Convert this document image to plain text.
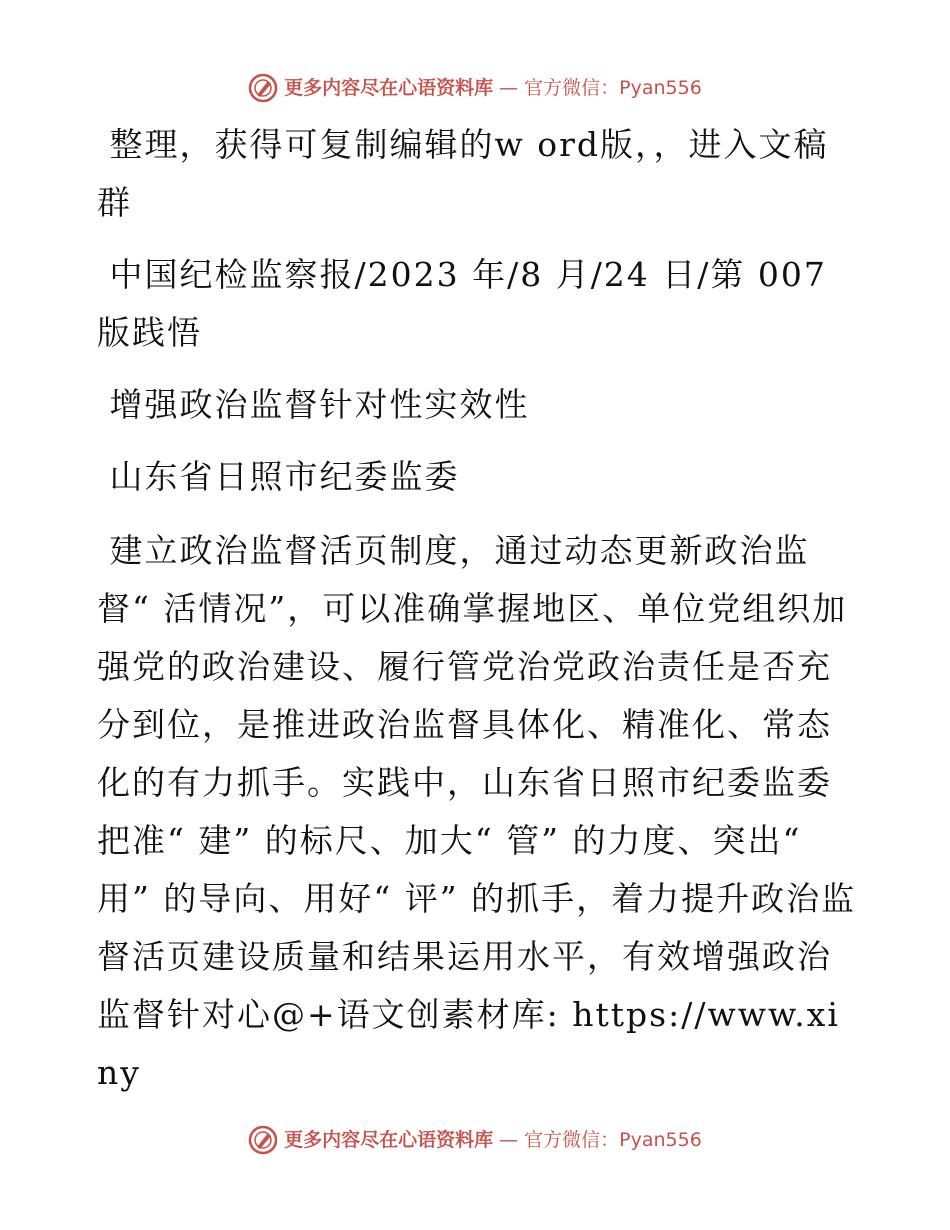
更多内容尽在心语资料库 — 官方微信：Pyan556

整理，获得可复制编辑的w ord版，，进入文稿群

中国纪检监察报/2023 年/8 月/24 日/第 007 版践悟

增强政治监督针对性实效性

山东省日照市纪委监委

建立政治监督活页制度，通过动态更新政治监督“ 活情况”，可以准确掌握地区、单位党组织加强党的政治建设、履行管党治党政治责任是否充分到位，是推进政治监督具体化、精准化、常态化的有力抓手。实践中，山东省日照市纪委监委把准“ 建” 的标尺、加大“ 管” 的力度、突出“ 用” 的导向、用好“ 评” 的抓手，着力提升政治监督活页建设质量和结果运用水平，有效增强政治监督针对心@+语文创素材库: https://www.xiny

更多内容尽在心语资料库 — 官方微信：Pyan556
